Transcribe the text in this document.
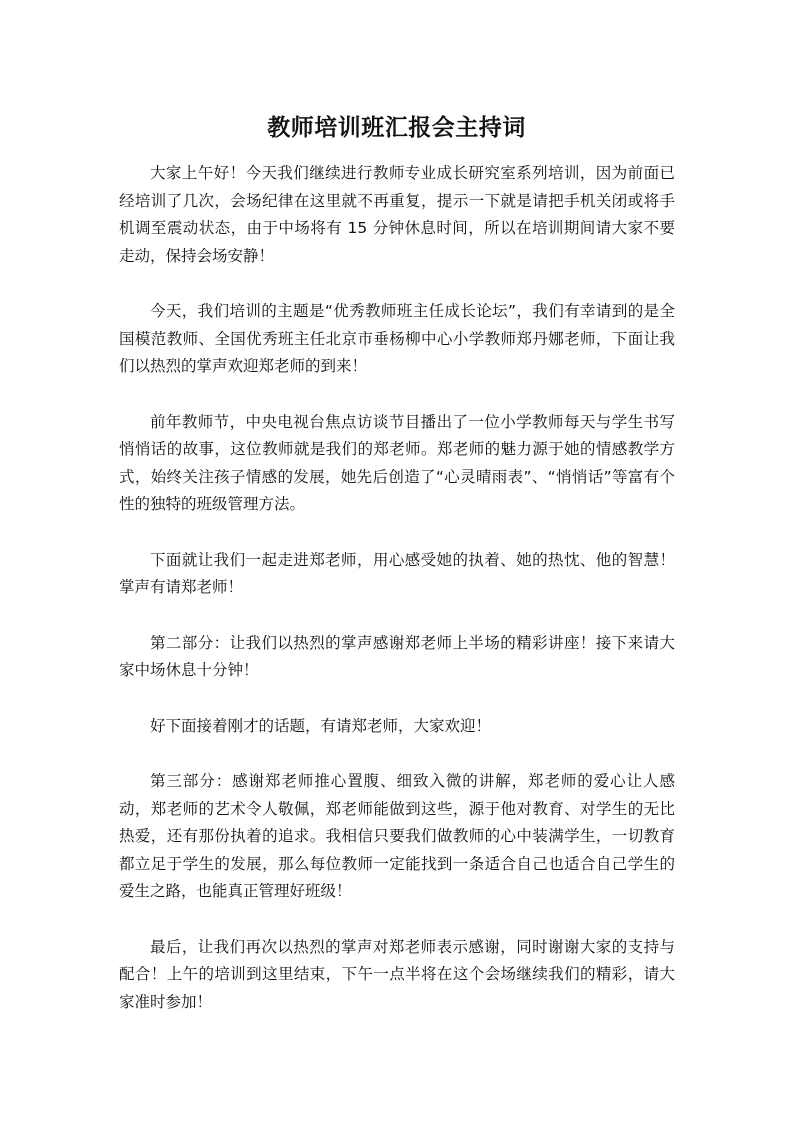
教师培训班汇报会主持词

大家上午好！今天我们继续进行教师专业成长研究室系列培训，因为前面已经培训了几次，会场纪律在这里就不再重复，提示一下就是请把手机关闭或将手机调至震动状态，由于中场将有 15 分钟休息时间，所以在培训期间请大家不要走动，保持会场安静！

今天，我们培训的主题是“优秀教师班主任成长论坛”，我们有幸请到的是全国模范教师、全国优秀班主任北京市垂杨柳中心小学教师郑丹娜老师，下面让我们以热烈的掌声欢迎郑老师的到来！

前年教师节，中央电视台焦点访谈节目播出了一位小学教师每天与学生书写悄悄话的故事，这位教师就是我们的郑老师。郑老师的魅力源于她的情感教学方式，始终关注孩子情感的发展，她先后创造了“心灵晴雨表”、“悄悄话”等富有个性的独特的班级管理方法。

下面就让我们一起走进郑老师，用心感受她的执着、她的热忱、他的智慧！掌声有请郑老师！

第二部分：让我们以热烈的掌声感谢郑老师上半场的精彩讲座！接下来请大家中场休息十分钟！

好下面接着刚才的话题，有请郑老师，大家欢迎！

第三部分：感谢郑老师推心置腹、细致入微的讲解，郑老师的爱心让人感动，郑老师的艺术令人敬佩，郑老师能做到这些，源于他对教育、对学生的无比热爱，还有那份执着的追求。我相信只要我们做教师的心中装满学生，一切教育都立足于学生的发展，那么每位教师一定能找到一条适合自己也适合自己学生的爱生之路，也能真正管理好班级！

最后，让我们再次以热烈的掌声对郑老师表示感谢，同时谢谢大家的支持与配合！上午的培训到这里结束，下午一点半将在这个会场继续我们的精彩，请大家准时参加！
